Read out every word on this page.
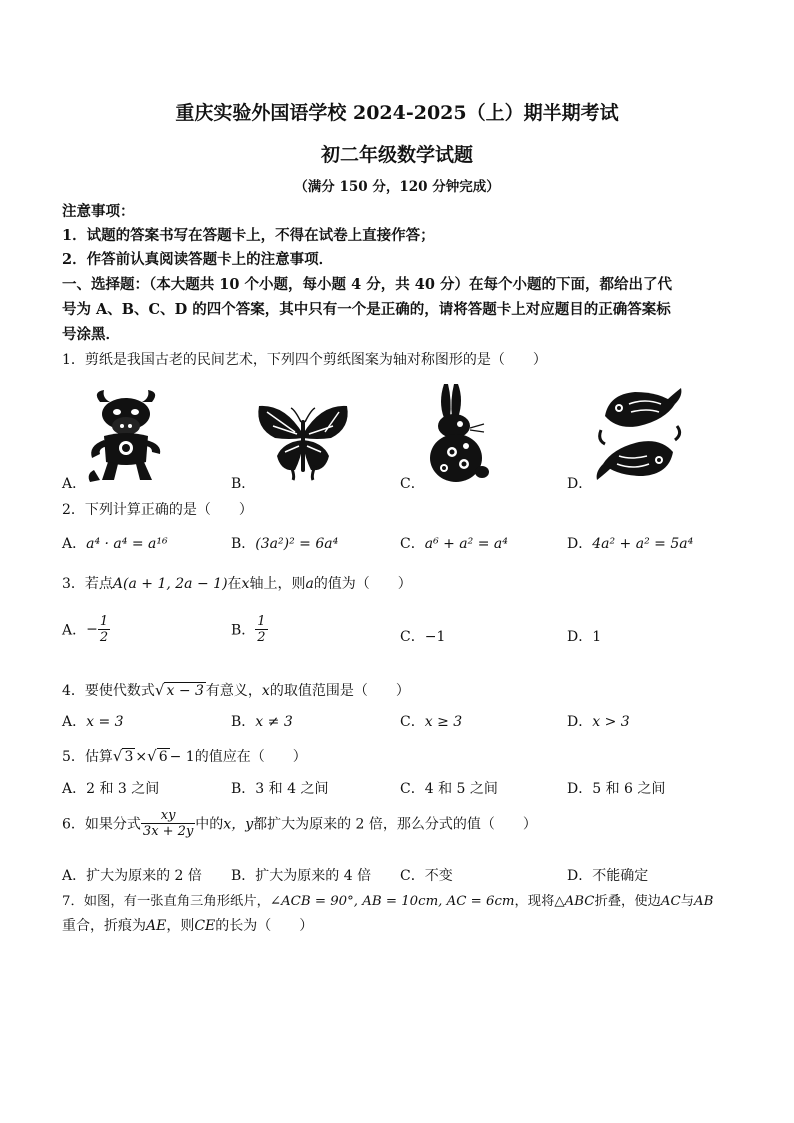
重庆实验外国语学校 2024-2025（上）期半期考试
初二年级数学试题
（满分 150 分，120 分钟完成）
注意事项：
1．试题的答案书写在答题卡上，不得在试卷上直接作答；
2．作答前认真阅读答题卡上的注意事项．
一、选择题：（本大题共 10 个小题，每小题 4 分，共 40 分）在每个小题的下面，都给出了代
号为 A、B、C、D 的四个答案，其中只有一个是正确的，请将答题卡上对应题目的正确答案标
号涂黑．
1．剪纸是我国古老的民间艺术，下列四个剪纸图案为轴对称图形的是（　　）
A．	B．	C．	D．
2．下列计算正确的是（　　）
A．a⁴ · a⁴ = a¹⁶	B．(3a²)² = 6a⁴	C．a⁶ + a² = a⁴	D．4a² + a² = 5a⁴
3．若点A(a + 1, 2a − 1)在x轴上，则a的值为（　　）
A．− $\frac{1}{2}$	B． $\frac{1}{2}$	C．−1	D．1
4．要使代数式√ x − 3 有意义，x的取值范围是（　　）
A．x = 3	B．x ≠ 3	C．x ≥ 3	D．x > 3
5．估算√ 3 ×√ 6 − 1的值应在（　　）
A．2 和 3 之间	B．3 和 4 之间	C．4 和 5 之间	D．5 和 6 之间
6．如果分式 $\frac{xy}{3x + 2y}$ 中的x，y都扩大为原来的 2 倍，那么分式的值（　　）
A．扩大为原来的 2 倍 B．扩大为原来的 4 倍 C．不变	D．不能确定
7．如图，有一张直角三角形纸片，∠ACB = 90°, AB = 10cm, AC = 6cm，现将△ABC折叠，使边AC与AB
重合，折痕为AE，则CE的长为（　　）
